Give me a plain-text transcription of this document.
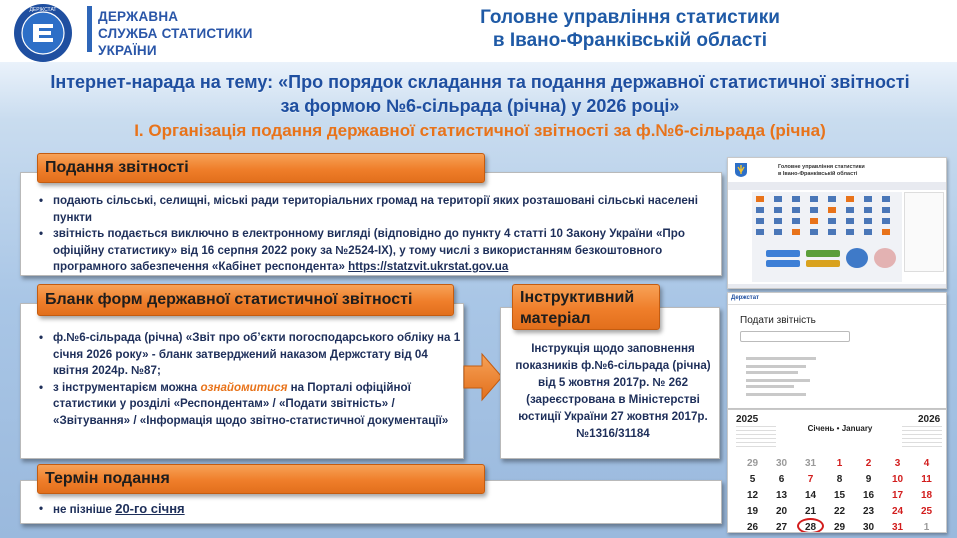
ДЕРЖСТАТ	ДЕРЖАВНА
СЛУЖБА СТАТИСТИКИ
УКРАЇНИ
Головне управління статистики
в Івано-Франківській області
Інтернет-нарада на тему: «Про порядок складання та подання державної статистичної звітності
за формою №6-сільрада (річна) у 2026 році»
І. Організація подання державної статистичної звітності за ф.№6-сільрада (річна)
• подають сільські, селищні, міські ради територіальних громад на території яких розташовані сільські населені пункти
• звітність подається виключно в електронному вигляді (відповідно до пункту 4 статті 10 Закону України «Про офіційну статистику» від 16 серпня 2022 року за №2524-IX), у тому числі з використанням безкоштовного програмного забезпечення «Кабінет респондента» https://statzvit.ukrstat.gov.ua
Подання звітності
• ф.№6-сільрада (річна) «Звіт про об’єкти погосподарського обліку на 1 січня 2026 року» - бланк затверджений наказом Держстату від 04 квітня 2024р. №87;
• з інструментарієм можна ознайомитися на Порталі офіційної статистики у розділі «Респондентам» / «Подати звітність» / «Звітування» / «Інформація щодо звітно-статистичної документації»
Бланк форм державної статистичної звітності	Інструктивний матеріал
Інструкція щодо заповнення показників ф.№6-сільрада (річна) від 5 жовтня 2017р. № 262 (зареєстрована в Міністерстві юстиції України 27 жовтня 2017р. №1316/31184
• не пізніше 20-го січня
Термін подання
Головне управління статистики
в Івано-Франківській області
Держстат
Подати звітність
2025	2026
Січень • January
29	30	31	1	2	3	4
5	6	7	8	9	10	11
12	13	14	15	16	17	18
19	20	21	22	23	24	25
26	27	28	29	30	31	1
